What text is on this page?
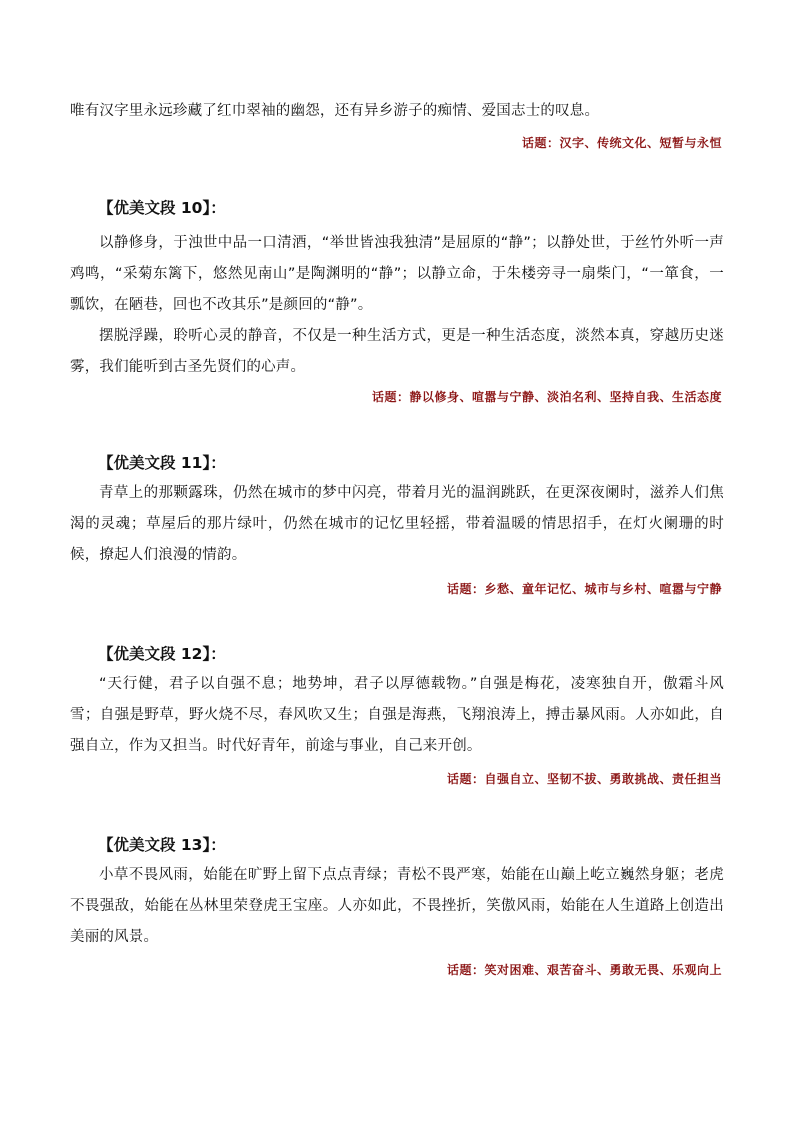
唯有汉字里永远珍藏了红巾翠袖的幽怨，还有异乡游子的痴情、爱国志士的叹息。

话题：汉字、传统文化、短暂与永恒
【优美文段 10】：

以静修身，于浊世中品一口清酒，“举世皆浊我独清”是屈原的“静”；以静处世，于丝竹外听一声鸡鸣，“采菊东篱下，悠然见南山”是陶渊明的“静”；以静立命，于朱楼旁寻一扇柴门，“一箪食，一瓢饮，在陋巷，回也不改其乐”是颜回的“静”。

摆脱浮躁，聆听心灵的静音，不仅是一种生活方式，更是一种生活态度，淡然本真，穿越历史迷雾，我们能听到古圣先贤们的心声。

话题：静以修身、喧嚣与宁静、淡泊名利、坚持自我、生活态度
【优美文段 11】：

青草上的那颗露珠，仍然在城市的梦中闪亮，带着月光的温润跳跃，在更深夜阑时，滋养人们焦渴的灵魂；草屋后的那片绿叶，仍然在城市的记忆里轻摇，带着温暖的情思招手，在灯火阑珊的时候，撩起人们浪漫的情韵。

话题：乡愁、童年记忆、城市与乡村、喧嚣与宁静
【优美文段 12】：

“天行健，君子以自强不息；地势坤，君子以厚德载物。”自强是梅花，凌寒独自开，傲霜斗风雪；自强是野草，野火烧不尽，春风吹又生；自强是海燕，飞翔浪涛上，搏击暴风雨。人亦如此，自强自立，作为又担当。时代好青年，前途与事业，自己来开创。

话题：自强自立、坚韧不拔、勇敢挑战、责任担当
【优美文段 13】：

小草不畏风雨，始能在旷野上留下点点青绿；青松不畏严寒，始能在山巅上屹立巍然身躯；老虎不畏强敌，始能在丛林里荣登虎王宝座。人亦如此，不畏挫折，笑傲风雨，始能在人生道路上创造出美丽的风景。

话题：笑对困难、艰苦奋斗、勇敢无畏、乐观向上
